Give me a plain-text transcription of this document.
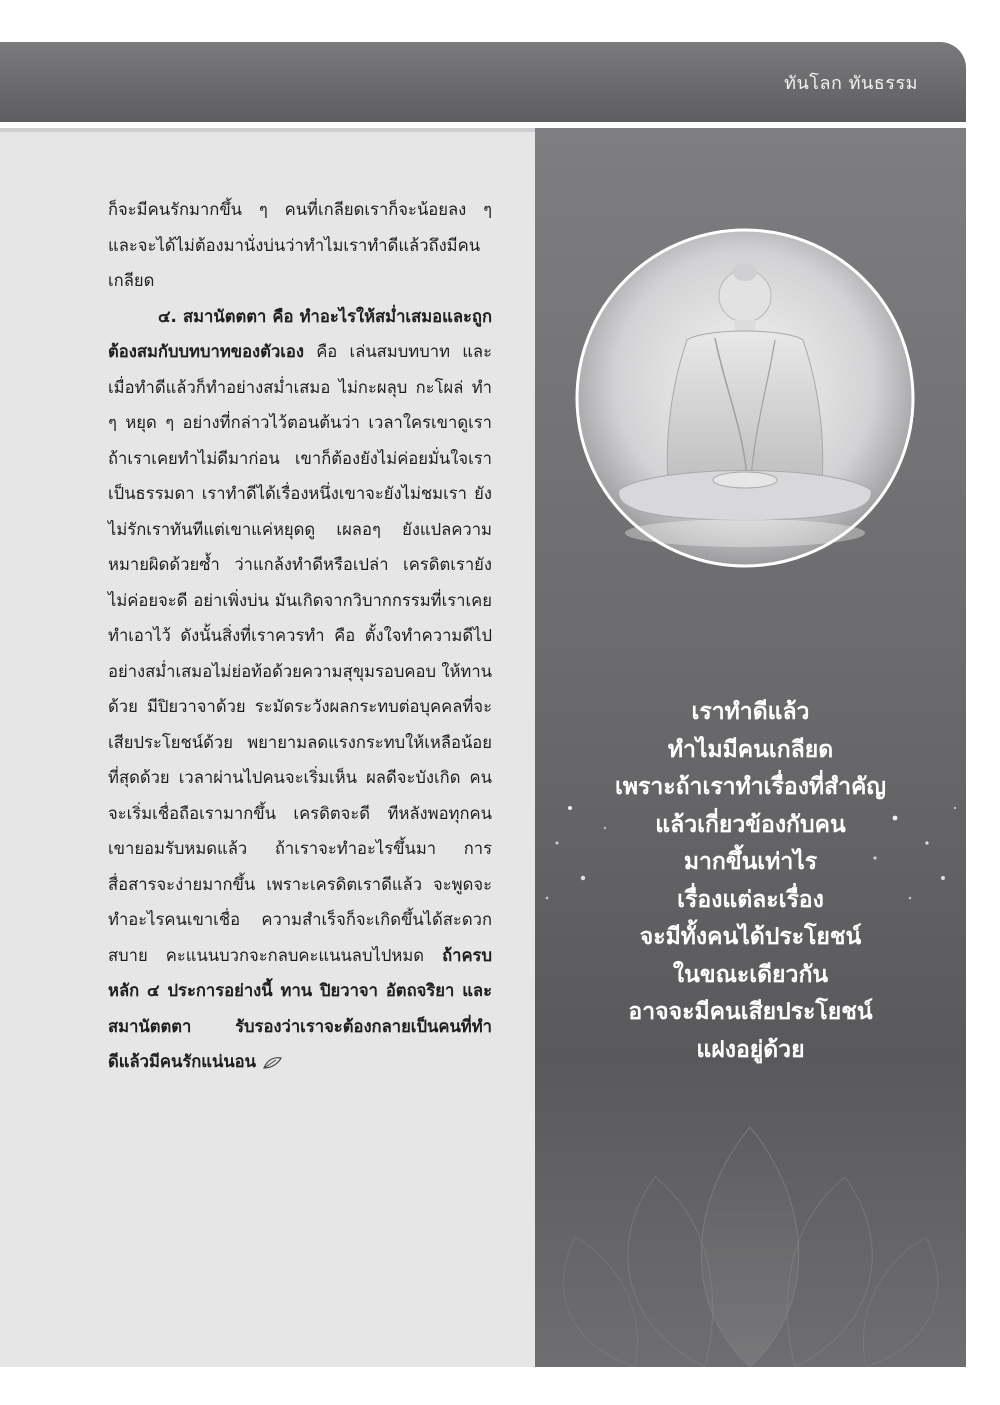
ทันโลก ทันธรรม

ก็จะมีคนรักมากขึ้น ๆ คนที่เกลียดเราก็จะน้อยลง ๆ และจะได้ไม่ต้องมานั่งบ่นว่าทำไมเราทำดีแล้วถึงมีคนเกลียด

๔. สมานัตตตา คือ ทำอะไรให้สม่ำเสมอและถูกต้องสมกับบทบาทของตัวเอง คือ เล่นสมบทบาท และเมื่อทำดีแล้วก็ทำอย่างสม่ำเสมอ ไม่กะผลุบ กะโผล่ ทำ ๆ หยุด ๆ อย่างที่กล่าวไว้ตอนต้นว่า เวลาใครเขาดูเรา ถ้าเราเคยทำไม่ดีมาก่อน เขาก็ต้องยังไม่ค่อยมั่นใจเราเป็นธรรมดา เราทำดีได้เรื่องหนึ่งเขาจะยังไม่ชมเรา ยังไม่รักเราทันทีแต่เขาแค่หยุดดู เผลอๆ ยังแปลความหมายผิดด้วยซ้ำ ว่าแกล้งทำดีหรือเปล่า เครดิตเรายังไม่ค่อยจะดี อย่าเพิ่งบ่น มันเกิดจากวิบากกรรมที่เราเคยทำเอาไว้ ดังนั้นสิ่งที่เราควรทำ คือ ตั้งใจทำความดีไปอย่างสม่ำเสมอไม่ย่อท้อด้วยความสุขุมรอบคอบ ให้ทานด้วย มีปิยวาจาด้วย ระมัดระวังผลกระทบต่อบุคคลที่จะเสียประโยชน์ด้วย พยายามลดแรงกระทบให้เหลือน้อยที่สุดด้วย เวลาผ่านไปคนจะเริ่มเห็น ผลดีจะบังเกิด คนจะเริ่มเชื่อถือเรามากขึ้น เครดิตจะดี ทีหลังพอทุกคนเขายอมรับหมดแล้ว ถ้าเราจะทำอะไรขึ้นมา การสื่อสารจะง่ายมากขึ้น เพราะเครดิตเราดีแล้ว จะพูดจะทำอะไรคนเขาเชื่อ ความสำเร็จก็จะเกิดขึ้นได้สะดวกสบาย คะแนนบวกจะกลบคะแนนลบไปหมด ถ้าครบหลัก ๔ ประการอย่างนี้ ทาน ปิยวาจา อัตถจริยา และสมานัตตตา รับรองว่าเราจะต้องกลายเป็นคนที่ทำดีแล้วมีคนรักแน่นอน

เราทำดีแล้ว
ทำไมมีคนเกลียด
เพราะถ้าเราทำเรื่องที่สำคัญ
แล้วเกี่ยวข้องกับคน
มากขึ้นเท่าไร
เรื่องแต่ละเรื่อง
จะมีทั้งคนได้ประโยชน์
ในขณะเดียวกัน
อาจจะมีคนเสียประโยชน์
แฝงอยู่ด้วย
